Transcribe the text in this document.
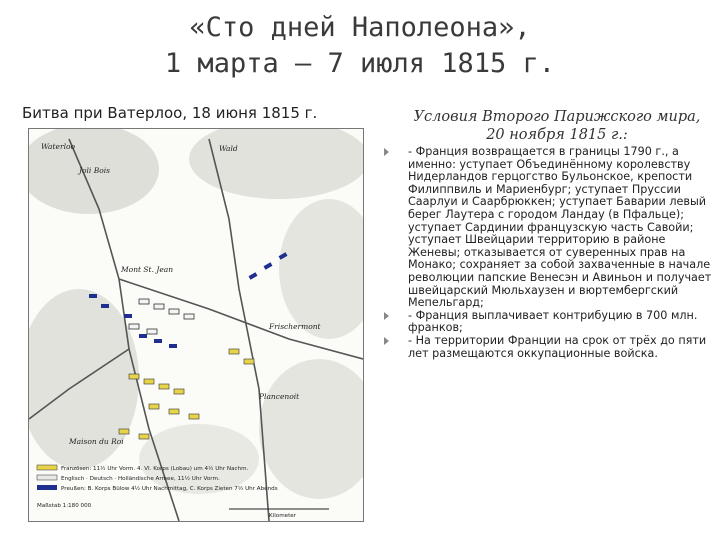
«Сто дней Наполеона»,
1 марта – 7 июля 1815 г.
Битва при Ватерлоо, 18 июня 1815 г.
Waterloo
Joli Bois
Mont St. Jean
Frischermont
Plancenoit
Maison du Roi
Wald
Französen: 11½ Uhr Vorm. 4. VI. Korps (Lobau) um 4½ Uhr Nachm.
Englisch · Deutsch · Holländische Armee, 11½ Uhr Vorm.
Preußen: B. Korps Bülow 4½ Uhr Nachmittag, C. Korps Zieten 7½ Uhr Abends
Maßstab 1:180 000
Kilometer
Условия Второго Парижского мира,
20 ноября 1815 г.:
- Франция возвращается в границы 1790 г., а именно: уступает Объединённому королевству Нидерландов герцогство Бульонское, крепости Филиппвиль и Мариенбург; уступает Пруссии Саарлуи и Саарбрюккен; уступает Баварии левый берег Лаутера с городом Ландау (в Пфальце); уступает Сардинии французскую часть Савойи; уступает Швейцарии территорию в районе Женевы; отказывается от суверенных прав на Монако; сохраняет за собой захваченные в начале революции папские Венесэн и Авиньон и получает швейцарский Мюльхаузен и вюртембергский Мепельгард;
- Франция выплачивает контрибуцию в 700 млн. франков;
- На территории Франции на срок от трёх до пяти лет размещаются оккупационные войска.
